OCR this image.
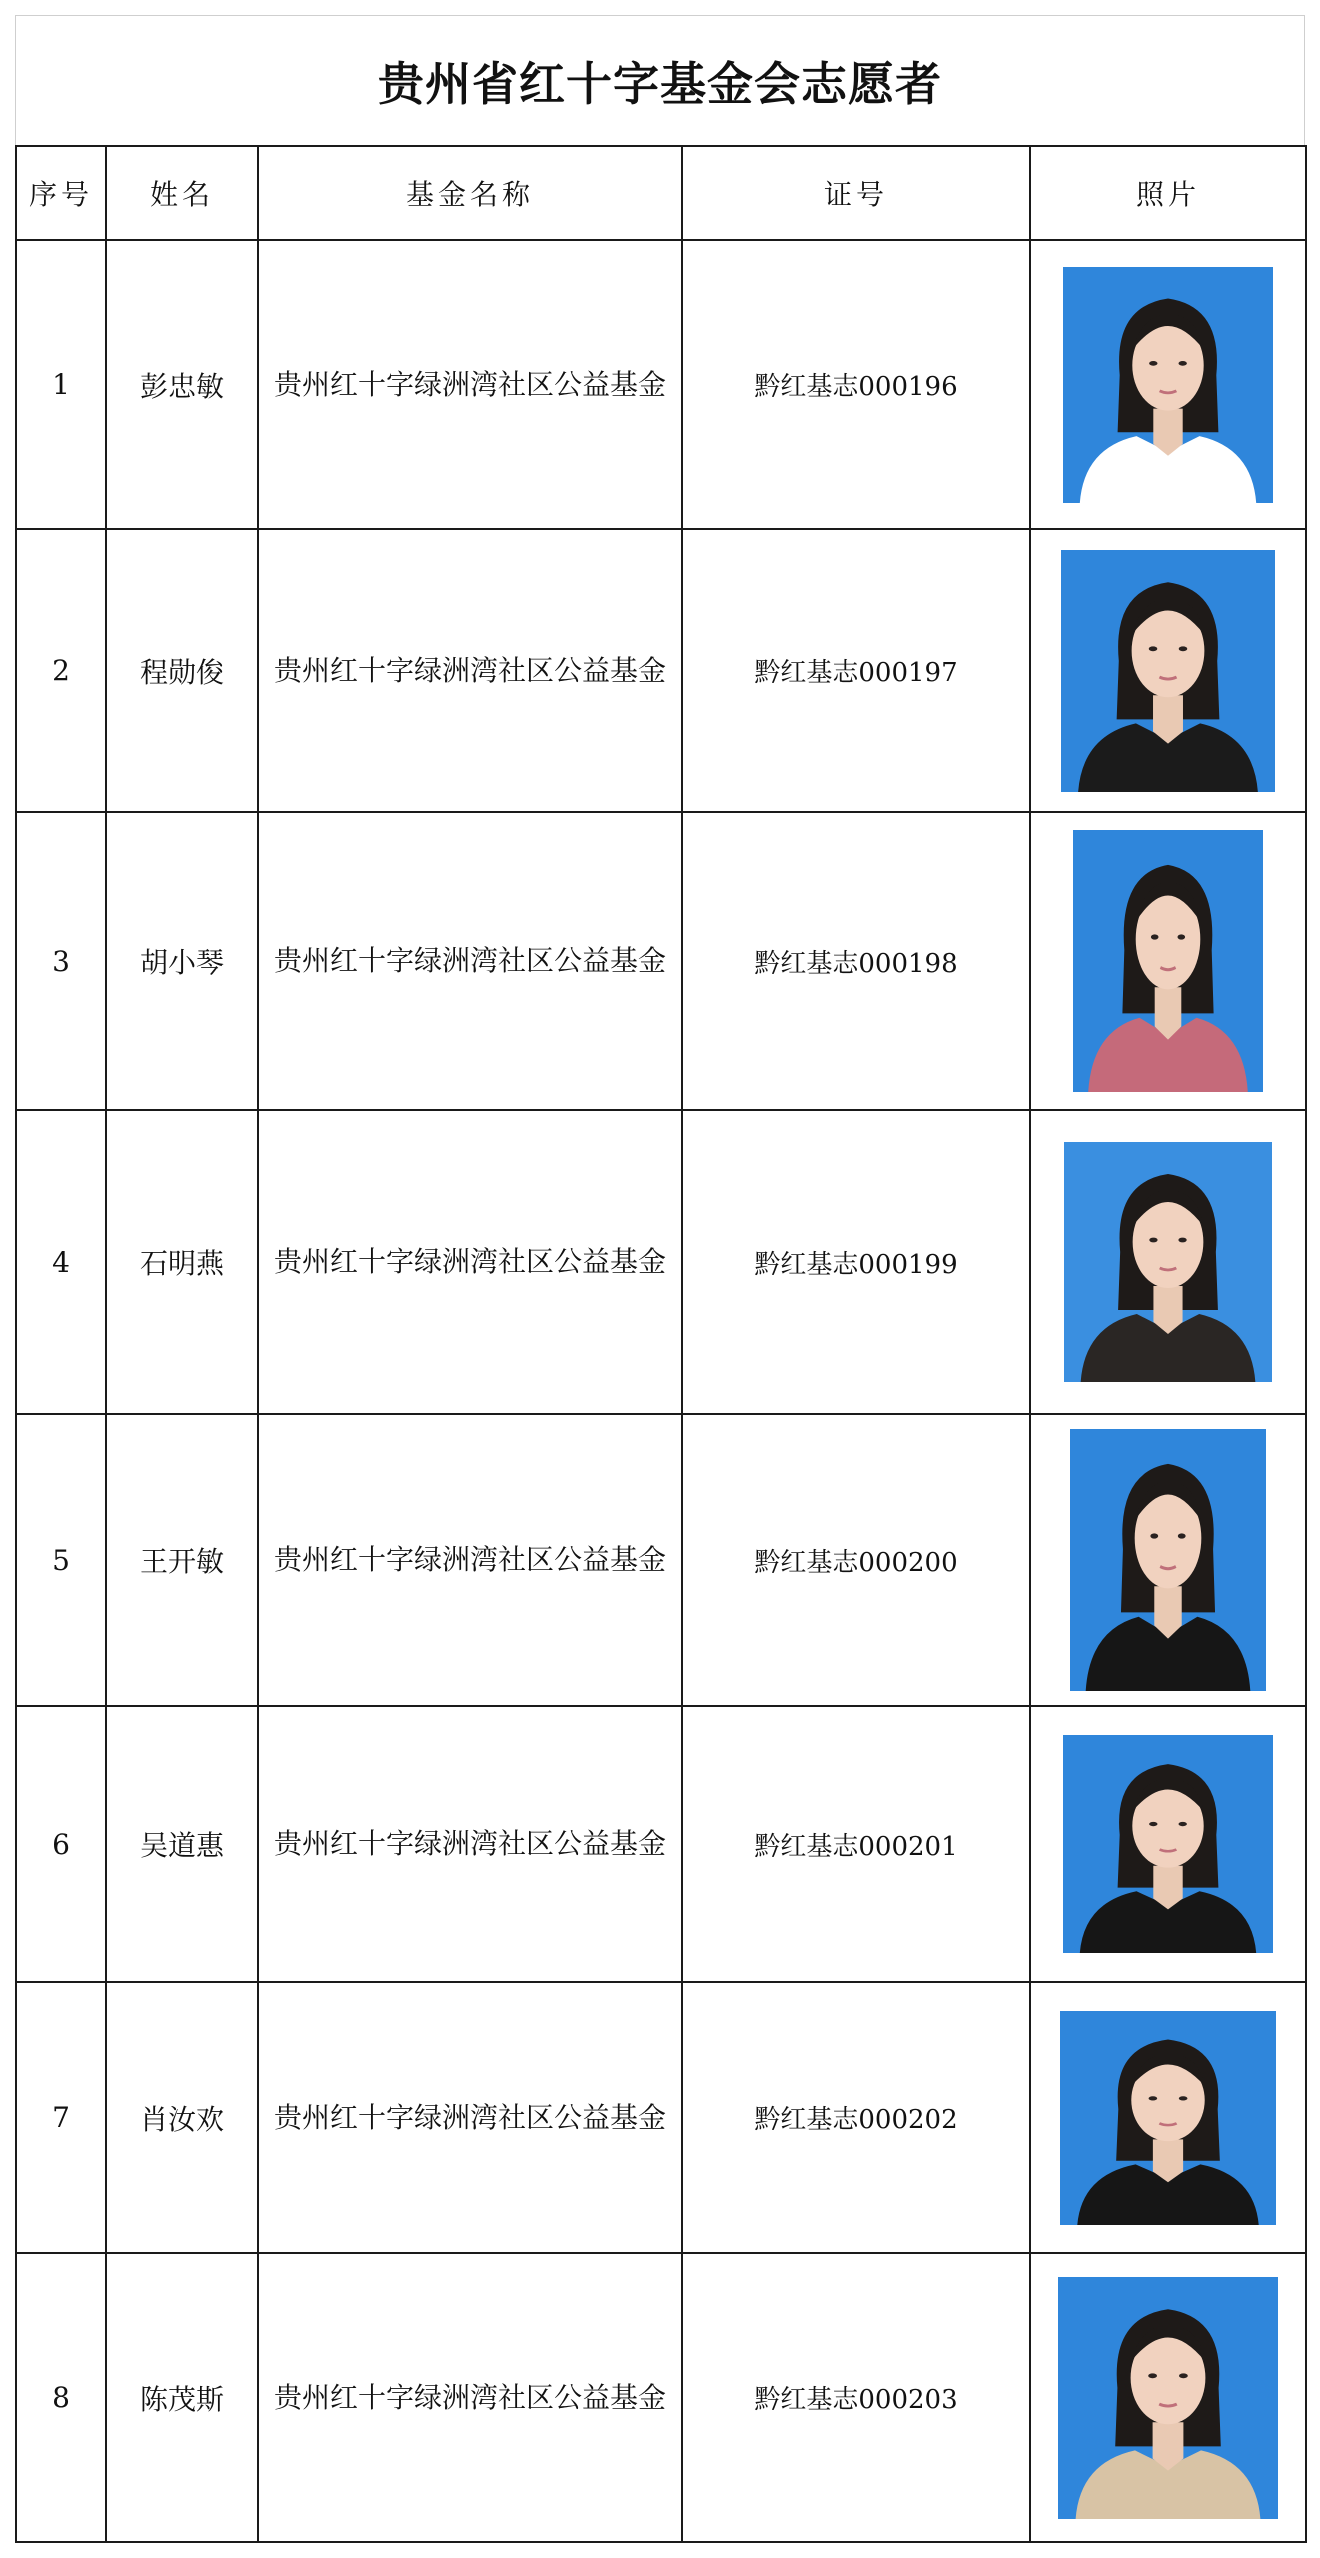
贵州省红十字基金会志愿者
序号	姓名	基金名称	证号	照片
1	彭忠敏	贵州红十字绿洲湾社区公益基金	黔红基志000196	

2	程勋俊	贵州红十字绿洲湾社区公益基金	黔红基志000197	

3	胡小琴	贵州红十字绿洲湾社区公益基金	黔红基志000198	

4	石明燕	贵州红十字绿洲湾社区公益基金	黔红基志000199	

5	王开敏	贵州红十字绿洲湾社区公益基金	黔红基志000200	

6	吴道惠	贵州红十字绿洲湾社区公益基金	黔红基志000201	

7	肖汝欢	贵州红十字绿洲湾社区公益基金	黔红基志000202	

8	陈茂斯	贵州红十字绿洲湾社区公益基金	黔红基志000203	
